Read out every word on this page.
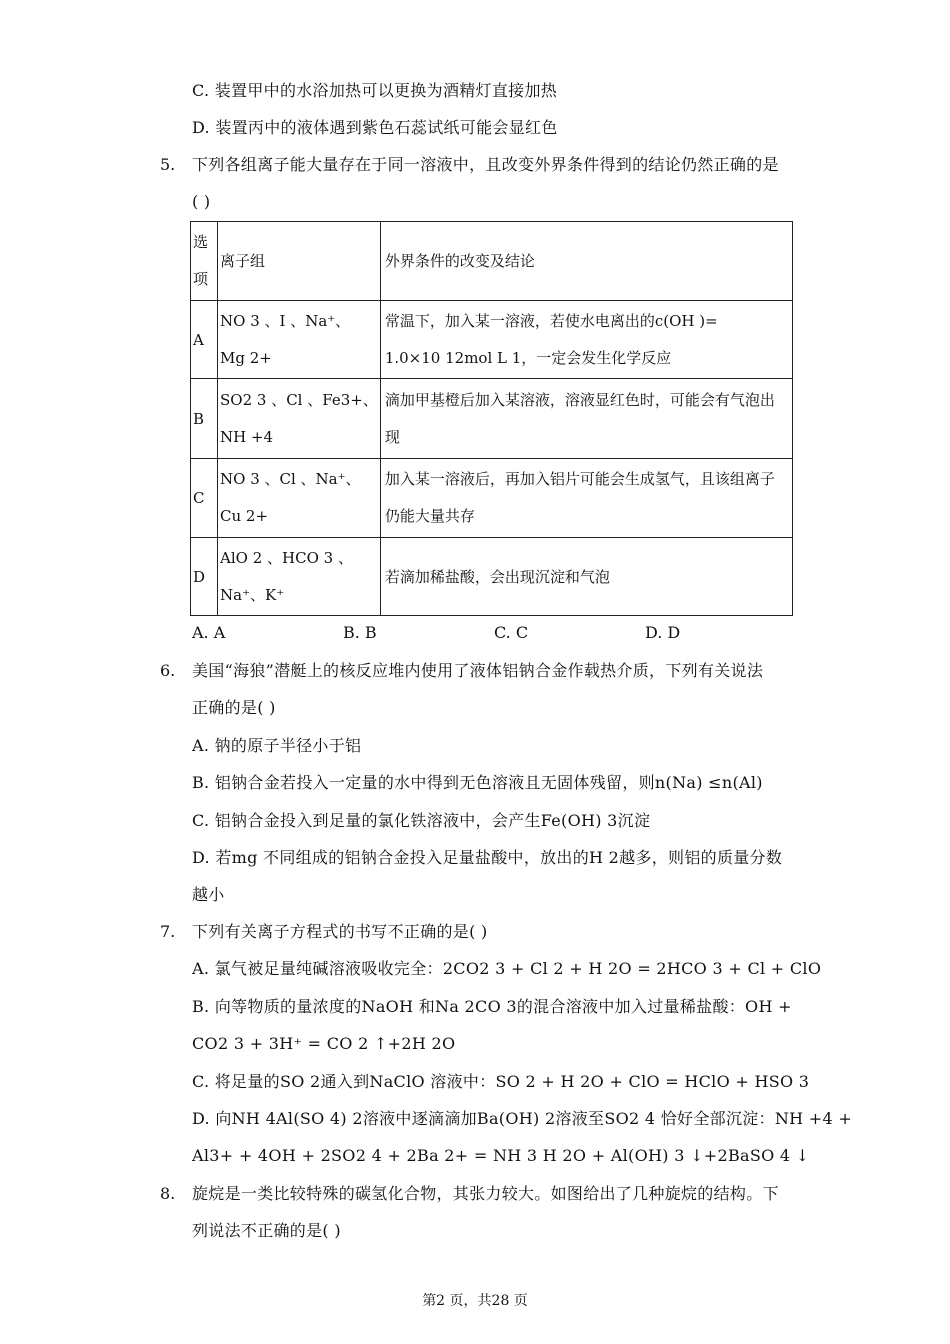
C. 装置甲中的水浴加热可以更换为酒精灯直接加热
D. 装置丙中的液体遇到紫色石蕊试纸可能会显红色
5. 下列各组离子能大量存在于同一溶液中，且改变外界条件得到的结论仍然正确的是
( )
选
项	离子组	外界条件的改变及结论
A	NO 3 、I 、Na⁺、
Mg 2+	常温下，加入某一溶液，若使水电离出的c(OH )=
1.0×10 12mol L 1，一定会发生化学反应

B	SO2 3 、Cl 、Fe3+、
NH +4	滴加甲基橙后加入某溶液，溶液显红色时，可能会有气泡出
现

C	NO 3 、Cl 、Na⁺、
Cu 2+	加入某一溶液后，再加入铝片可能会生成氢气，且该组离子
仍能大量共存

D	AlO 2 、HCO 3 、
Na⁺、K⁺	若滴加稀盐酸，会出现沉淀和气泡
A. A	B. B	C. C	D. D
6. 美国“海狼”潜艇上的核反应堆内使用了液体铝钠合金作载热介质，下列有关说法
正确的是( )
A. 钠的原子半径小于铝
B. 铝钠合金若投入一定量的水中得到无色溶液且无固体残留，则n(Na) ≤n(Al)
C. 铝钠合金投入到足量的氯化铁溶液中，会产生Fe(OH) 3沉淀
D. 若mg 不同组成的铝钠合金投入足量盐酸中，放出的H 2越多，则铝的质量分数
越小
7. 下列有关离子方程式的书写不正确的是( )
A. 氯气被足量纯碱溶液吸收完全：2CO2 3 + Cl 2 + H 2O = 2HCO 3 + Cl + ClO
B. 向等物质的量浓度的NaOH 和Na 2CO 3的混合溶液中加入过量稀盐酸：OH +
CO2 3 + 3H⁺ = CO 2 ↑+2H 2O
C. 将足量的SO 2通入到NaClO 溶液中：SO 2 + H 2O + ClO = HClO + HSO 3
D. 向NH 4Al(SO 4) 2溶液中逐滴滴加Ba(OH) 2溶液至SO2 4 恰好全部沉淀：NH +4 +
Al3+ + 4OH + 2SO2 4 + 2Ba 2+ = NH 3 H 2O + Al(OH) 3 ↓+2BaSO 4 ↓
8. 旋烷是一类比较特殊的碳氢化合物，其张力较大。如图给出了几种旋烷的结构。下
列说法不正确的是( )
第2 页，共28 页
